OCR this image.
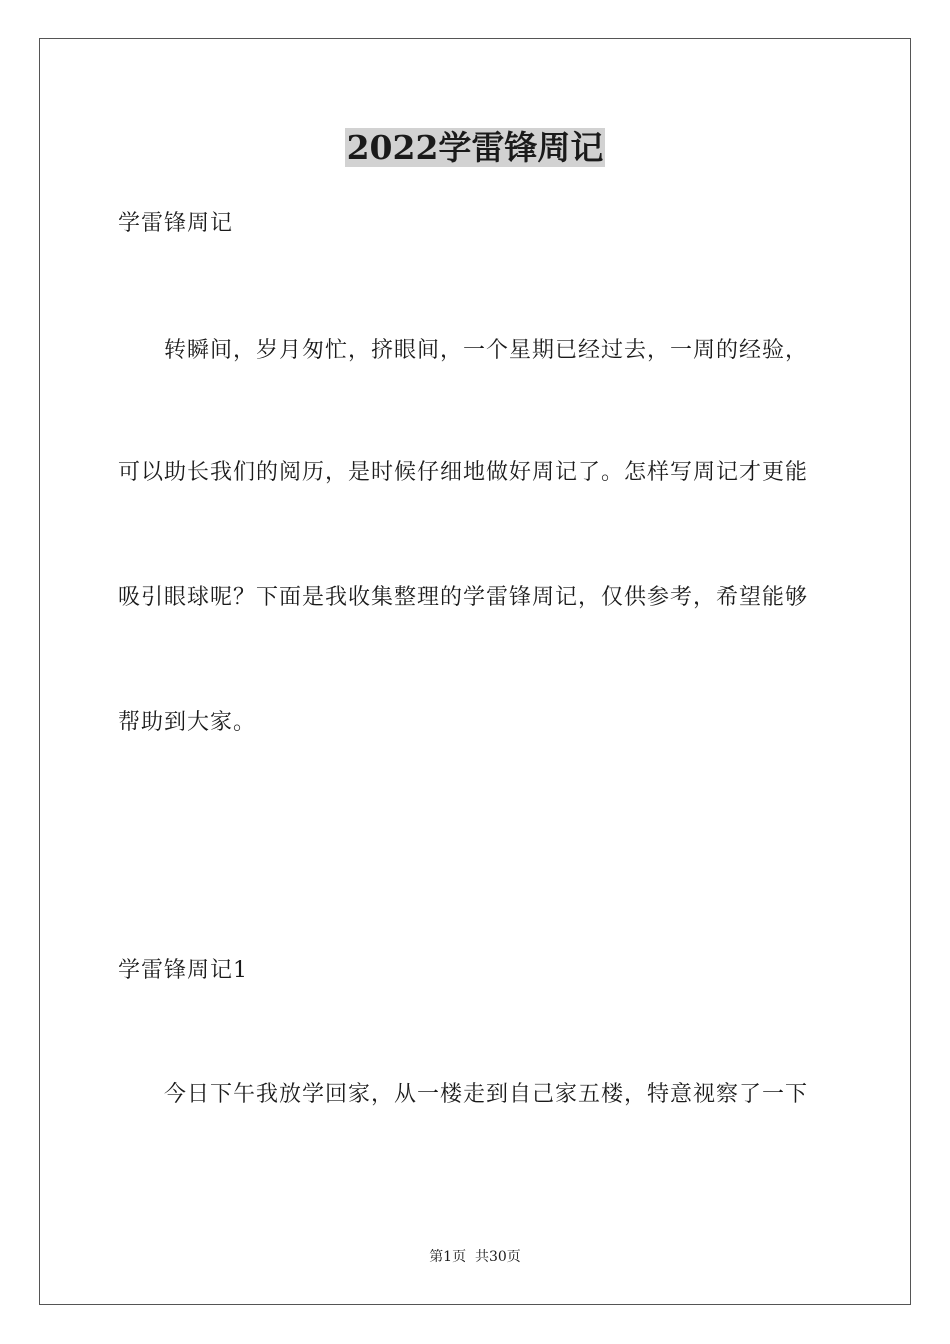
2022学雷锋周记

学雷锋周记

转瞬间，岁月匆忙，挤眼间，一个星期已经过去，一周的经验，

可以助长我们的阅历，是时候仔细地做好周记了。怎样写周记才更能

吸引眼球呢？下面是我收集整理的学雷锋周记，仅供参考，希望能够

帮助到大家。

学雷锋周记1

今日下午我放学回家，从一楼走到自己家五楼，特意视察了一下

第1页  共30页
